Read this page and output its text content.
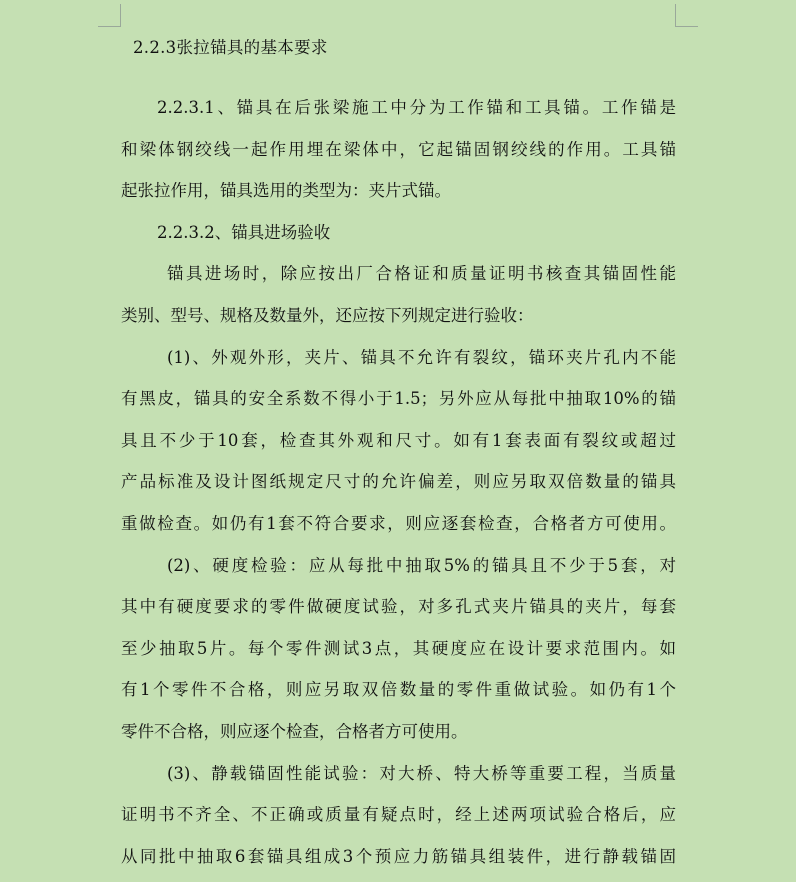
2.2.3张拉锚具的基本要求
2.2.3.1、锚具在后张梁施工中分为工作锚和工具锚。工作锚是
和梁体钢绞线一起作用埋在梁体中，它起锚固钢绞线的作用。工具锚
起张拉作用，锚具选用的类型为：夹片式锚。
2.2.3.2、锚具进场验收
锚具进场时，除应按出厂合格证和质量证明书核查其锚固性能
类别、型号、规格及数量外，还应按下列规定进行验收：
(1)、外观外形，夹片、锚具不允许有裂纹，锚环夹片孔内不能
有黑皮，锚具的安全系数不得小于1.5；另外应从每批中抽取10%的锚
具且不少于10套，检查其外观和尺寸。如有1套表面有裂纹或超过
产品标准及设计图纸规定尺寸的允许偏差，则应另取双倍数量的锚具
重做检查。如仍有1套不符合要求，则应逐套检查，合格者方可使用。
(2)、硬度检验：应从每批中抽取5%的锚具且不少于5套，对
其中有硬度要求的零件做硬度试验，对多孔式夹片锚具的夹片，每套
至少抽取5片。每个零件测试3点，其硬度应在设计要求范围内。如
有1个零件不合格，则应另取双倍数量的零件重做试验。如仍有1个
零件不合格，则应逐个检查，合格者方可使用。
(3)、静载锚固性能试验：对大桥、特大桥等重要工程，当质量
证明书不齐全、不正确或质量有疑点时，经上述两项试验合格后，应
从同批中抽取6套锚具组成3个预应力筋锚具组装件，进行静载锚固
